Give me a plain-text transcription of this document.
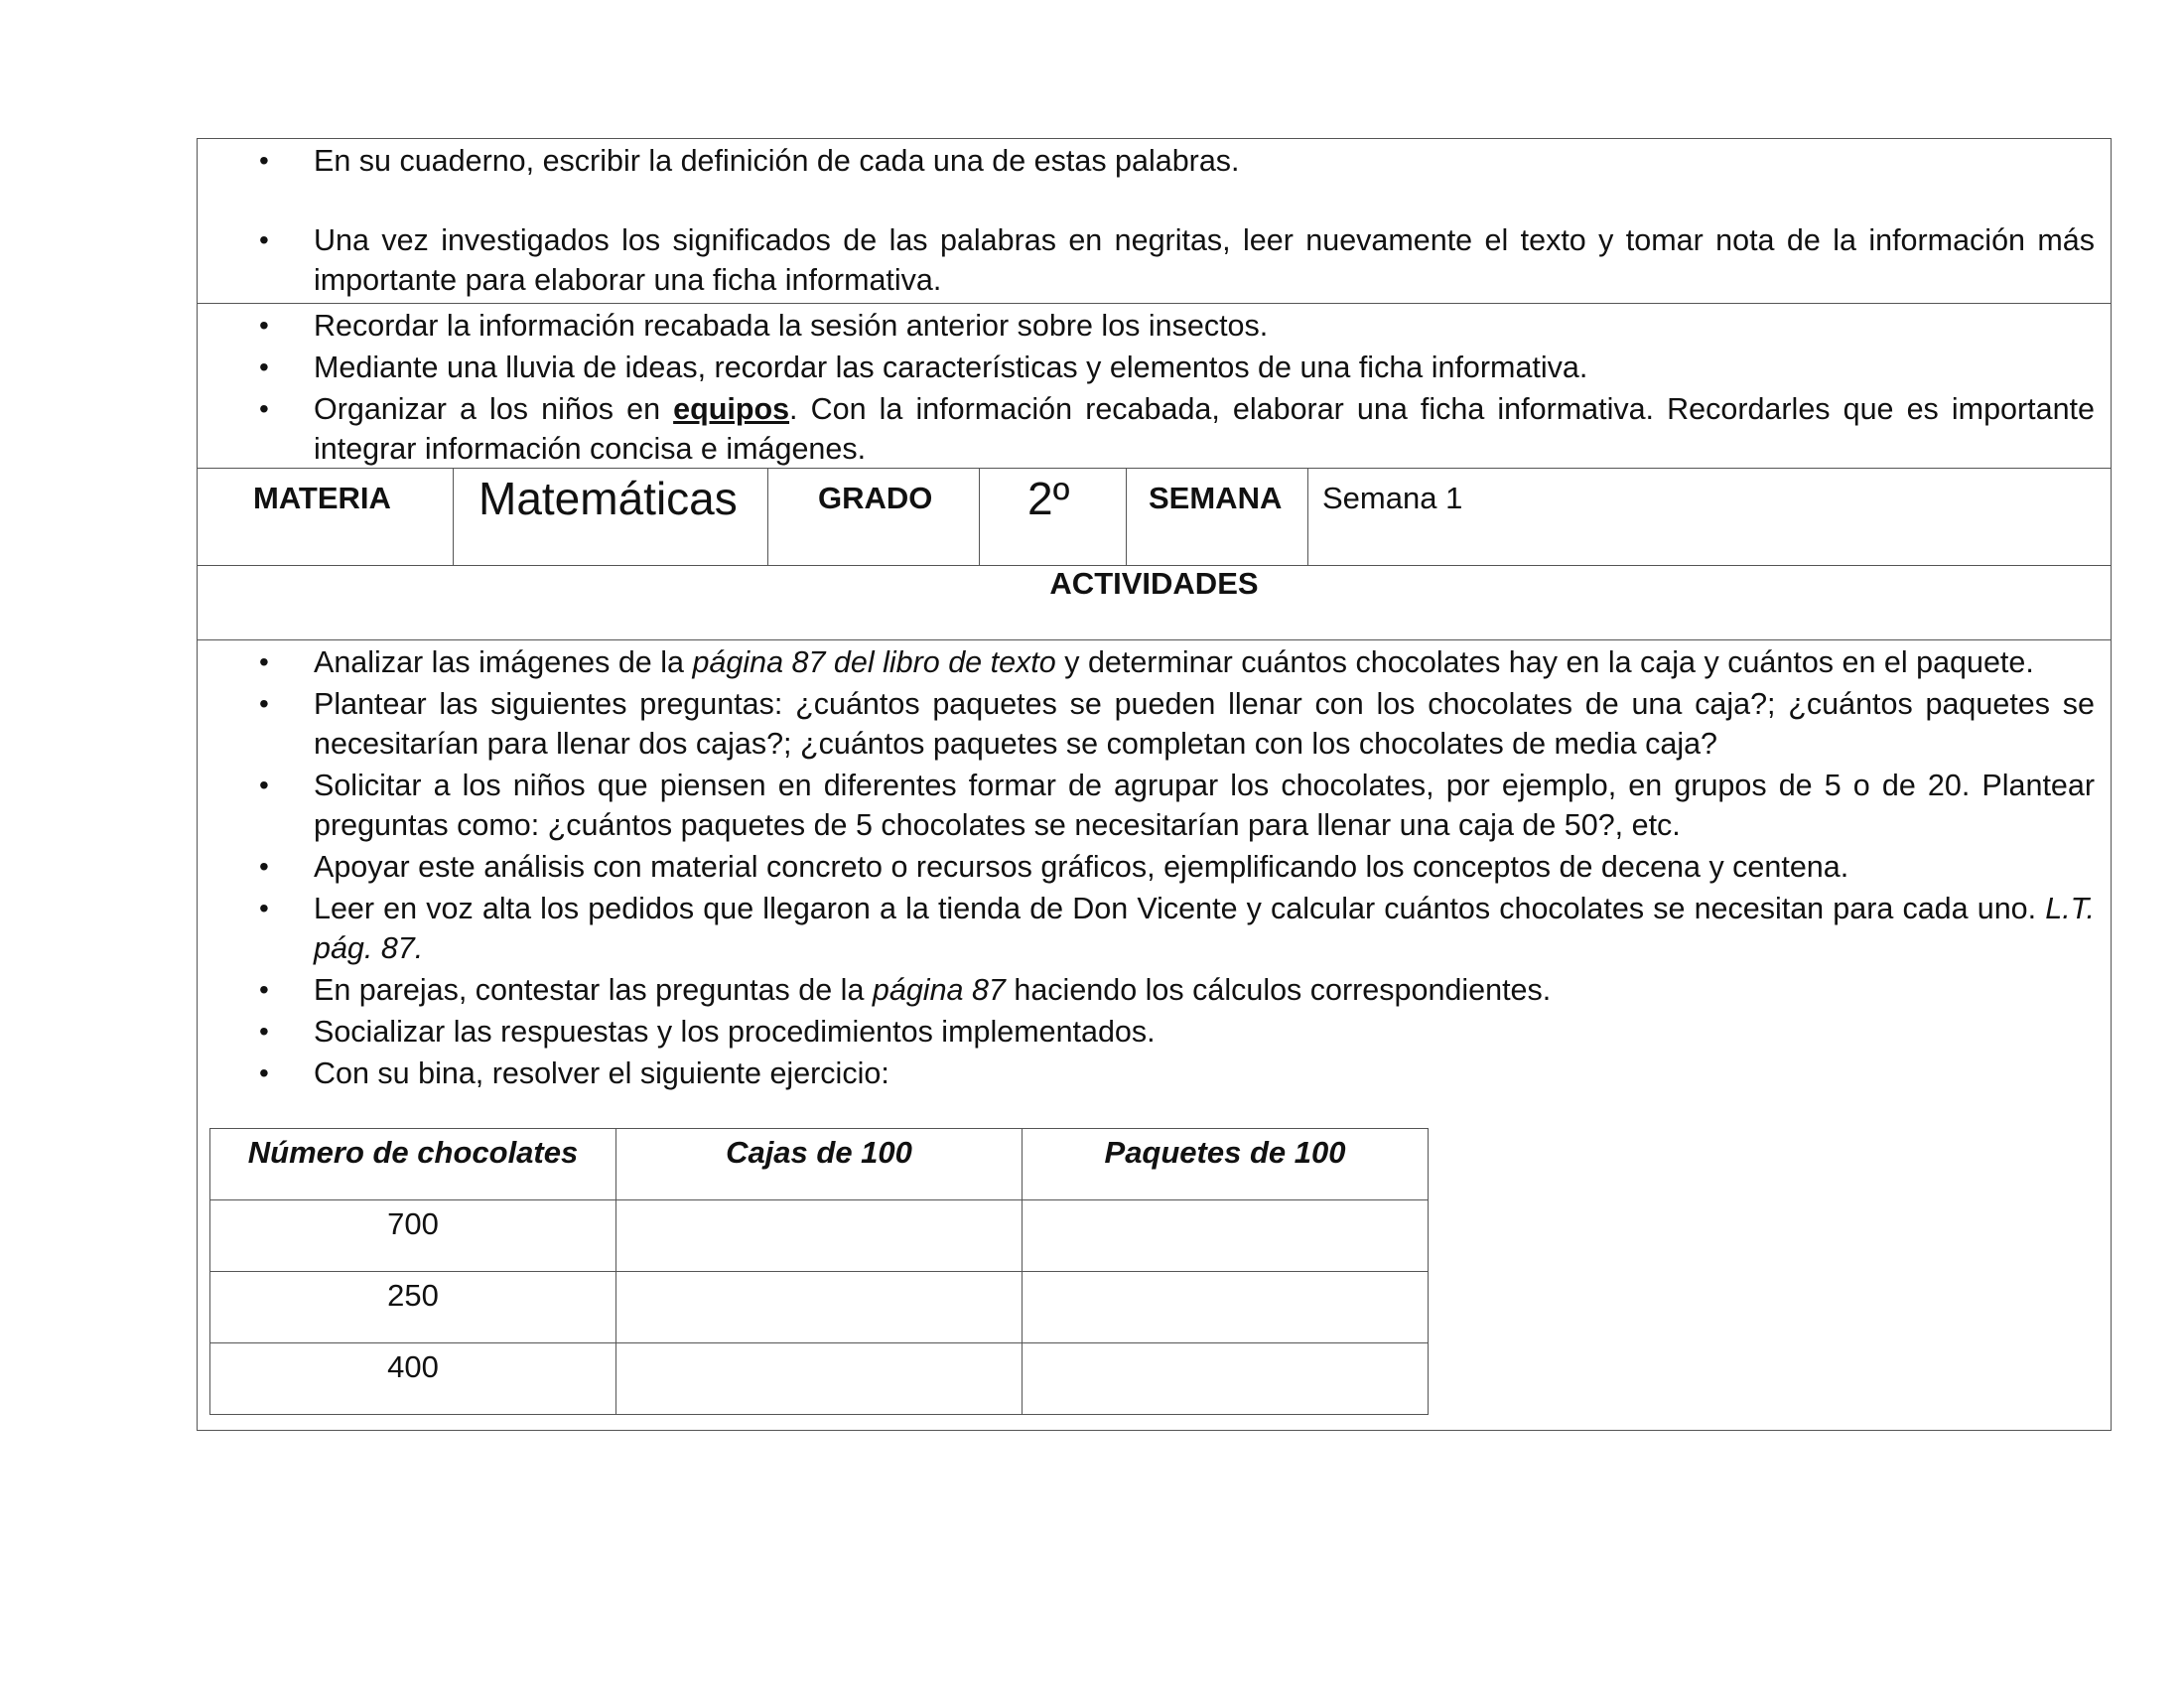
• En su cuaderno, escribir la definición de cada una de estas palabras.
• Una vez investigados los significados de las palabras en negritas, leer nuevamente el texto y tomar nota de la información más importante para elaborar una ficha informativa.
• Recordar la información recabada la sesión anterior sobre los insectos.
• Mediante una lluvia de ideas, recordar las características y elementos de una ficha informativa.
• Organizar a los niños en equipos. Con la información recabada, elaborar una ficha informativa. Recordarles que es importante integrar información concisa e imágenes.
MATERIA Matemáticas	GRADO 2º	SEMANA Semana 1
ACTIVIDADES
• Analizar las imágenes de la página 87 del libro de texto y determinar cuántos chocolates hay en la caja y cuántos en el paquete.
• Plantear las siguientes preguntas: ¿cuántos paquetes se pueden llenar con los chocolates de una caja?; ¿cuántos paquetes se necesitarían para llenar dos cajas?; ¿cuántos paquetes se completan con los chocolates de media caja?
• Solicitar a los niños que piensen en diferentes formar de agrupar los chocolates, por ejemplo, en grupos de 5 o de 20. Plantear preguntas como: ¿cuántos paquetes de 5 chocolates se necesitarían para llenar una caja de 50?, etc.
• Apoyar este análisis con material concreto o recursos gráficos, ejemplificando los conceptos de decena y centena.
• Leer en voz alta los pedidos que llegaron a la tienda de Don Vicente y calcular cuántos chocolates se necesitan para cada uno. L.T. pág. 87.
• En parejas, contestar las preguntas de la página 87 haciendo los cálculos correspondientes.
• Socializar las respuestas y los procedimientos implementados.
• Con su bina, resolver el siguiente ejercicio:
Número de chocolates	Cajas de 100	Paquetes de 100
700		
250		
400		
